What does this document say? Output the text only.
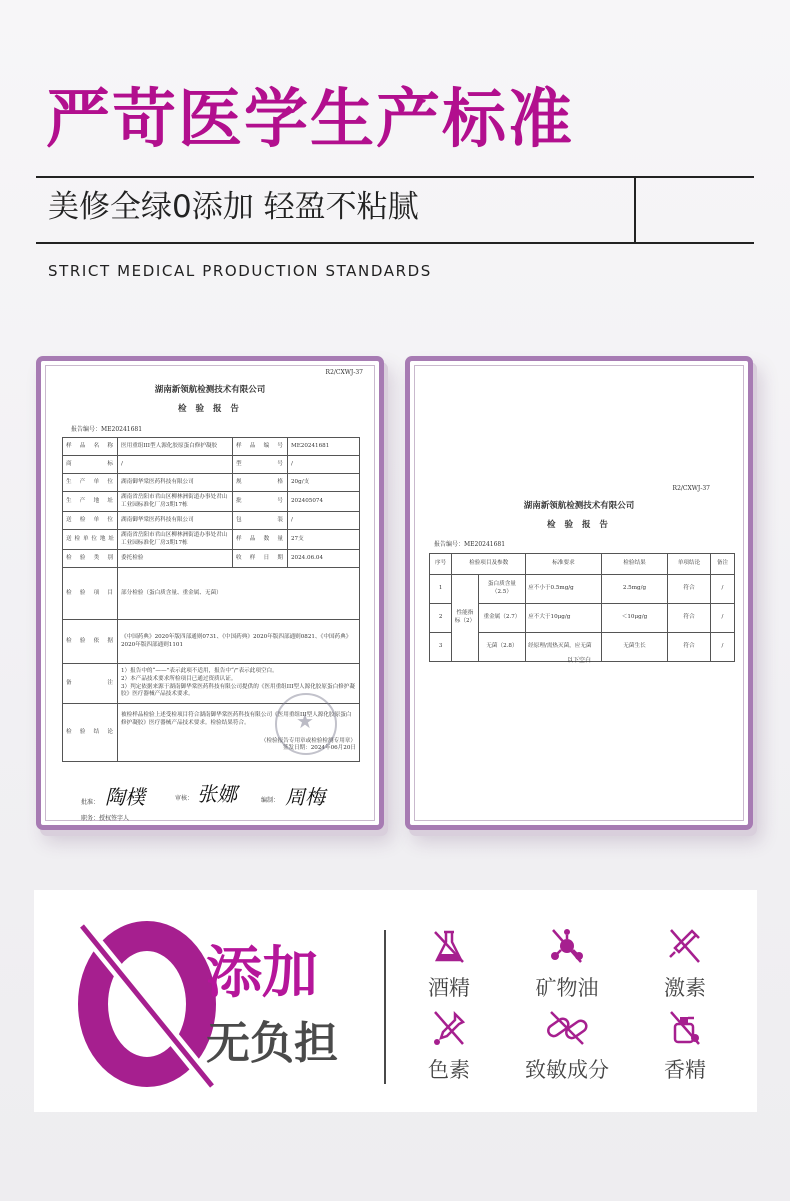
严苛医学生产标准
美修全绿0添加 轻盈不粘腻
STRICT MEDICAL PRODUCTION STANDARDS
R2/CXWJ-37
湖南新领航检测技术有限公司
检 验 报 告
报告编号：ME20241681
样品名称	医用重组III型人源化胶原蛋白修护凝胶	样品编号	ME20241681
商标	/	型号	/
生产单位	湖南御华棠医药科技有限公司	规格	20g/支
生产地址	湖南省岳阳市君山区柳林洲街道办事处君山工业园标准化厂房3期17栋	批号	202405074
送检单位	湖南御华棠医药科技有限公司	包装	/
送检单位地址	湖南省岳阳市君山区柳林洲街道办事处君山工业园标准化厂房3期17栋	样品数量	27支
检验类别	委托检验	收样日期	2024.06.04
检验项目	部分检验（蛋白质含量、重金属、无菌）		
检验依据	《中国药典》2020年版四部通则0731、《中国药典》2020年版四部通则0821、《中国药典》2020年版四部通则1101		
备注	1）报告中的“——”表示此项不适用，报告中“/”表示此项空白。
2）本产品技术要求所检项目已通过资质认证。
3）判定依据来源于湖南御华棠医药科技有限公司提供的《医用重组III型人源化胶原蛋白修护凝胶》医疗器械产品技术要求。		

检验结论	被检样品检验上述受检项目符合湖南御华棠医药科技有限公司《医用重组III型人源化胶原蛋白修护凝胶》医疗器械产品技术要求。检验结果符合。
（检验报告专用章或检验检测专用章）
签发日期：2024年06月20日		
★
批准： 陶樸	审核： 张娜	编制： 周梅
职务：授权签字人
R2/CXWJ-37
湖南新领航检测技术有限公司
检 验 报 告
报告编号：ME20241681
序号	检验项目及参数		标准要求	检验结果	单项结论	备注
1	性能指标（2）	蛋白质含量（2.5）	应不小于0.5mg/g	2.5mg/g	符合	/
2		重金属（2.7）	应不大于10μg/g	＜10μg/g	符合	/
3		无菌（2.8）	经原理/需热灭菌，应无菌	无菌生长	符合	/
以下空白
添加
无负担
酒精	矿物油	激素
色素	致敏成分	香精
